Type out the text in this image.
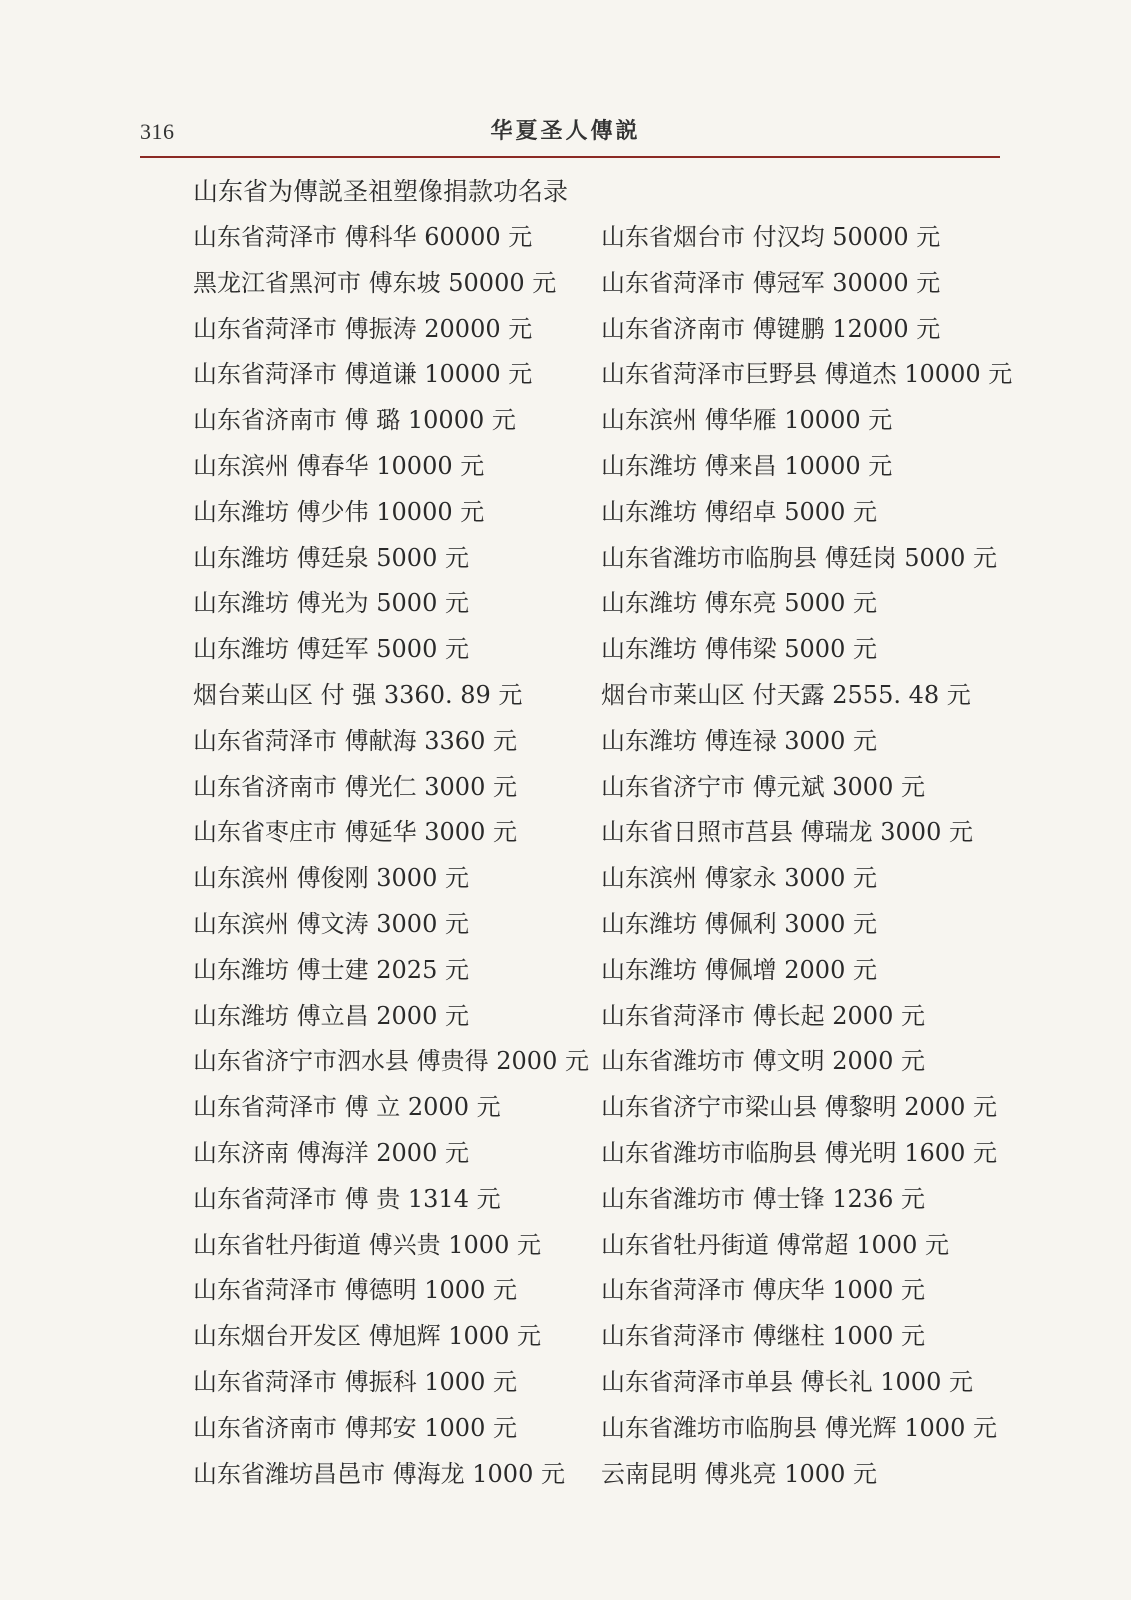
316	华夏圣人傳説
山东省为傳説圣祖塑像捐款功名录
山东省菏泽市 傅科华 60000 元	山东省烟台市 付汉均 50000 元
黑龙江省黑河市 傅东坡 50000 元 山东省菏泽市 傅冠军 30000 元
山东省菏泽市 傅振涛 20000 元	山东省济南市 傅键鹏 12000 元
山东省菏泽市 傅道谦 10000 元	山东省菏泽市巨野县 傅道杰 10000 元
山东省济南市 傅 璐 10000 元	山东滨州 傅华雁 10000 元
山东滨州 傅春华 10000 元	山东潍坊 傅来昌 10000 元
山东潍坊 傅少伟 10000 元	山东潍坊 傅绍卓 5000 元
山东潍坊 傅廷泉 5000 元	山东省潍坊市临朐县 傅廷岗 5000 元
山东潍坊 傅光为 5000 元	山东潍坊 傅东亮 5000 元
山东潍坊 傅廷军 5000 元	山东潍坊 傅伟梁 5000 元
烟台莱山区 付 强 3360. 89 元	烟台市莱山区 付天露 2555. 48 元
山东省菏泽市 傅献海 3360 元	山东潍坊 傅连禄 3000 元
山东省济南市 傅光仁 3000 元	山东省济宁市 傅元斌 3000 元
山东省枣庄市 傅延华 3000 元	山东省日照市莒县 傅瑞龙 3000 元
山东滨州 傅俊刚 3000 元	山东滨州 傅家永 3000 元
山东滨州 傅文涛 3000 元	山东潍坊 傅佩利 3000 元
山东潍坊 傅士建 2025 元	山东潍坊 傅佩增 2000 元
山东潍坊 傅立昌 2000 元	山东省菏泽市 傅长起 2000 元
山东省济宁市泗水县 傅贵得 2000 元 山东省潍坊市 傅文明 2000 元
山东省菏泽市 傅 立 2000 元	山东省济宁市梁山县 傅黎明 2000 元
山东济南 傅海洋 2000 元	山东省潍坊市临朐县 傅光明 1600 元
山东省菏泽市 傅 贵 1314 元	山东省潍坊市 傅士锋 1236 元
山东省牡丹街道 傅兴贵 1000 元	山东省牡丹街道 傅常超 1000 元
山东省菏泽市 傅德明 1000 元	山东省菏泽市 傅庆华 1000 元
山东烟台开发区 傅旭辉 1000 元	山东省菏泽市 傅继柱 1000 元
山东省菏泽市 傅振科 1000 元	山东省菏泽市单县 傅长礼 1000 元
山东省济南市 傅邦安 1000 元	山东省潍坊市临朐县 傅光辉 1000 元
山东省潍坊昌邑市 傅海龙 1000 元 云南昆明 傅兆亮 1000 元
